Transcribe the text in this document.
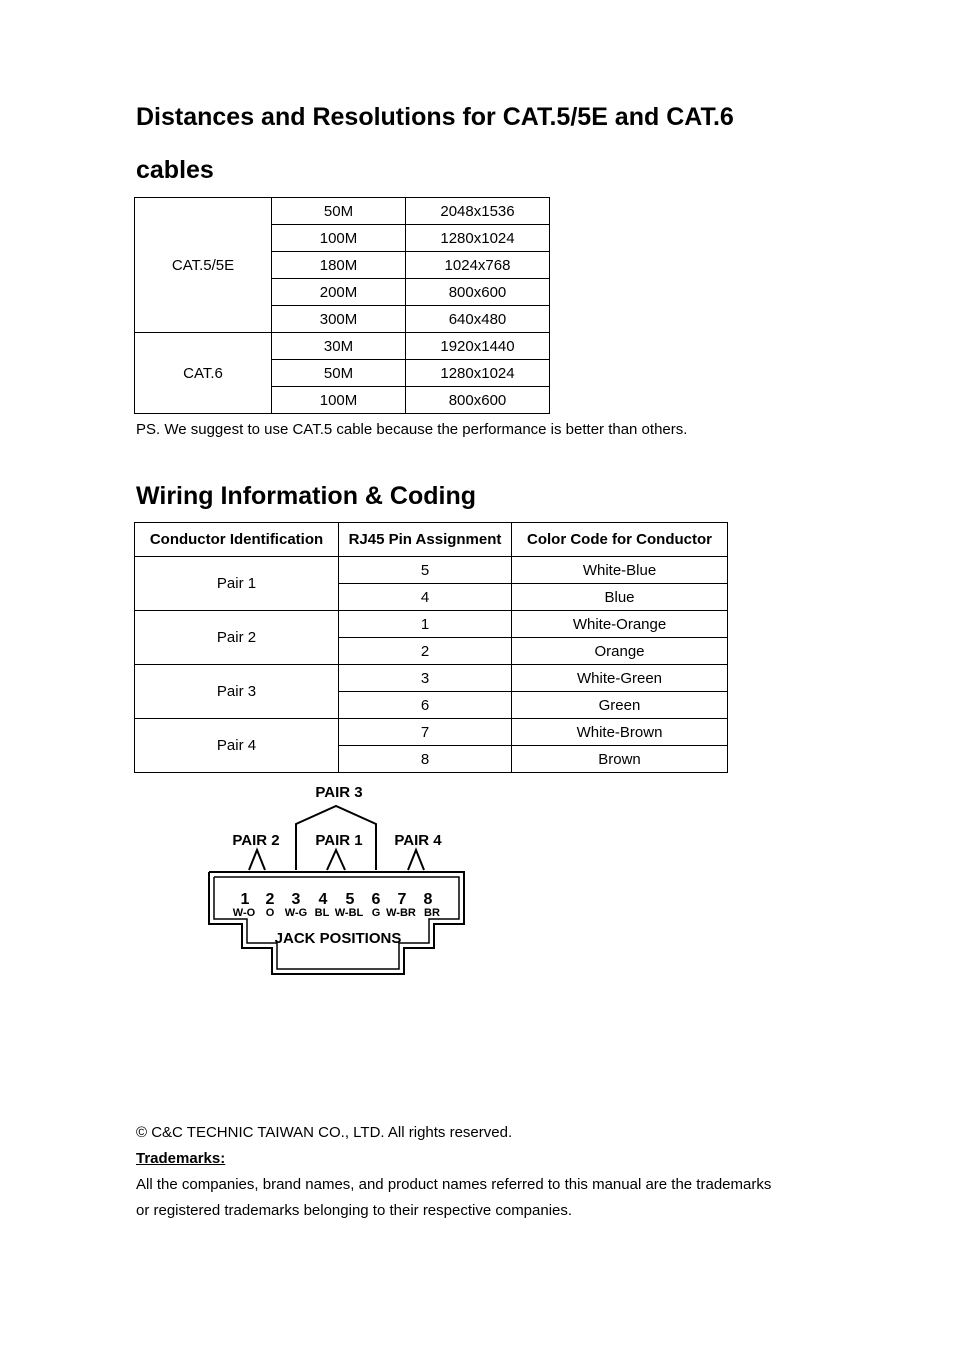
Distances and Resolutions for CAT.5/5E and CAT.6
cables
CAT.5/5E	50M	2048x1536
	100M	1280x1024
	180M	1024x768
	200M	800x600
	300M	640x480
CAT.6	30M	1920x1440
	50M	1280x1024
	100M	800x600

PS. We suggest to use CAT.5 cable because the performance is better than others.

Wiring Information & Coding
Conductor Identification	RJ45 Pin Assignment	Color Code for Conductor
Pair 1	5	White-Blue
	4	Blue
Pair 2	1	White-Orange
	2	Orange
Pair 3	3	White-Green
	6	Green
Pair 4	7	White-Brown
	8	Brown
PAIR 3
PAIR 2 PAIR 1 PAIR 4
1 2 3 4 5 6 7 8
W-O O W-G BL W-BL G W-BR BR
JACK POSITIONS

© C&C TECHNIC TAIWAN CO., LTD. All rights reserved.

Trademarks:

All the companies, brand names, and product names referred to this manual are the trademarks or registered trademarks belonging to their respective companies.
